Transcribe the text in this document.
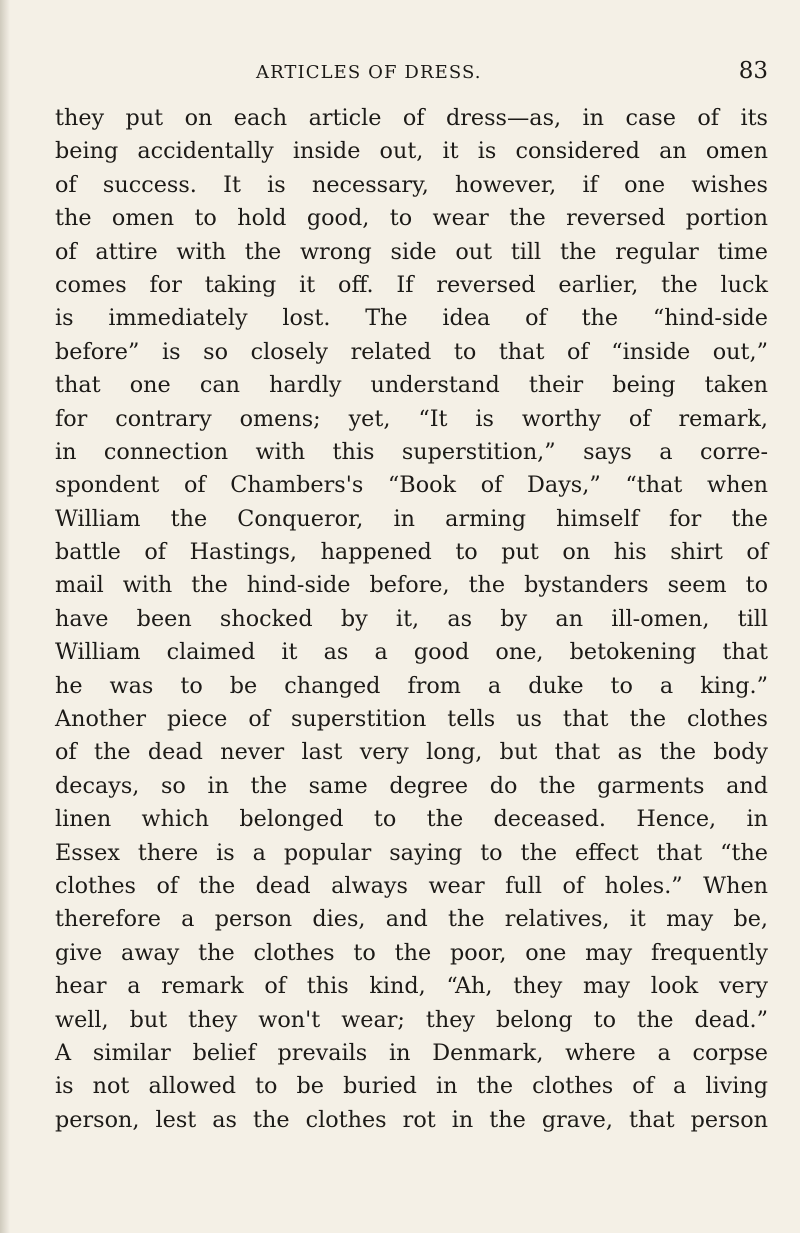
ARTICLES OF DRESS.	83
they put on each article of dress—as, in case of its
being accidentally inside out, it is considered an omen
of success. It is necessary, however, if one wishes
the omen to hold good, to wear the reversed portion
of attire with the wrong side out till the regular time
comes for taking it off. If reversed earlier, the luck
is immediately lost. The idea of the “hind-side
before” is so closely related to that of “inside out,”
that one can hardly understand their being taken
for contrary omens; yet, “It is worthy of remark,
in connection with this superstition,” says a corre-
spondent of Chambers's “Book of Days,” “that when
William the Conqueror, in arming himself for the
battle of Hastings, happened to put on his shirt of
mail with the hind-side before, the bystanders seem to
have been shocked by it, as by an ill-omen, till
William claimed it as a good one, betokening that
he was to be changed from a duke to a king.”
Another piece of superstition tells us that the clothes
of the dead never last very long, but that as the body
decays, so in the same degree do the garments and
linen which belonged to the deceased. Hence, in
Essex there is a popular saying to the effect that “the
clothes of the dead always wear full of holes.” When
therefore a person dies, and the relatives, it may be,
give away the clothes to the poor, one may frequently
hear a remark of this kind, “Ah, they may look very
well, but they won't wear; they belong to the dead.”
A similar belief prevails in Denmark, where a corpse
is not allowed to be buried in the clothes of a living
person, lest as the clothes rot in the grave, that person
